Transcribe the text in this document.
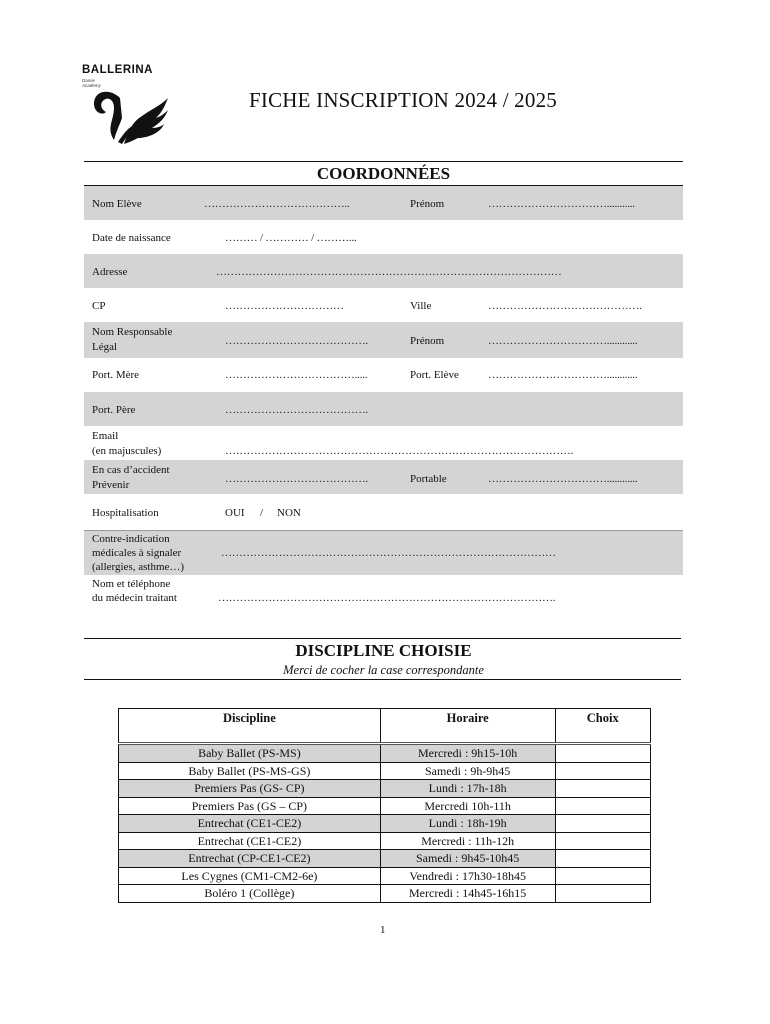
BALLERINA
Danse
Academy
FICHE INSCRIPTION 2024 / 2025
COORDONNÉES
Nom Elève	…………………………………..	Prénom	……………………………...........
Date de naissance	……… / ………… / ………...
Adresse	……………………………………………………………………………………
CP	……………………………	Ville	…………………………………….
Nom Responsable
Légal	………………………………….	Prénom	……………………………............
Port. Mère	……………………………….....	Port. Elève	……………………………............
Port. Père	………………………………….
Email
(en majuscules)	…………………………………………………………………………………….
En cas d’accident
Prévenir	………………………………….	Portable	……………………………............
Hospitalisation	OUI / NON
Contre-indication
médicales à signaler
(allergies, asthme…)
…………………………………………………………………………………
Nom et téléphone
du médecin traitant	………………………………………………………………………………….
DISCIPLINE CHOISIE
Merci de cocher la case correspondante
Discipline	Horaire	Choix
Baby Ballet (PS-MS)	Mercredi : 9h15-10h	
Baby Ballet (PS-MS-GS)	Samedi : 9h-9h45	
Premiers Pas (GS- CP)	Lundi : 17h-18h	
Premiers Pas (GS – CP)	Mercredi 10h-11h	
Entrechat (CE1-CE2)	Lundi : 18h-19h	
Entrechat (CE1-CE2)	Mercredi : 11h-12h	
Entrechat (CP-CE1-CE2)	Samedi : 9h45-10h45	
Les Cygnes (CM1-CM2-6e)	Vendredi : 17h30-18h45	
Boléro 1 (Collège)	Mercredi : 14h45-16h15	
1
